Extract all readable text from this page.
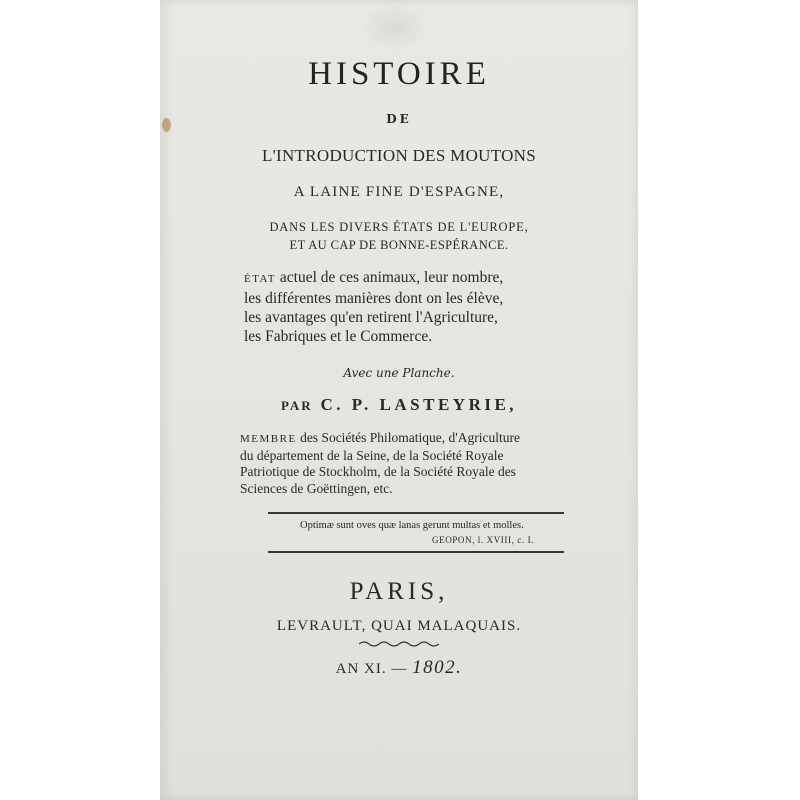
HISTOIRE
DE
L'INTRODUCTION DES MOUTONS
A LAINE FINE D'ESPAGNE,
DANS LES DIVERS ÉTATS DE L'EUROPE,
ET AU CAP DE BONNE-ESPÉRANCE.
ÉTAT actuel de ces animaux, leur nombre,
les différentes manières dont on les élève,
les avantages qu'en retirent l'Agriculture,
les Fabriques et le Commerce.
Avec une Planche.
PAR C. P. LASTEYRIE,
MEMBRE des Sociétés Philomatique, d'Agriculture
du département de la Seine, de la Société Royale
Patriotique de Stockholm, de la Société Royale des
Sciences de Goëttingen, etc.
Optimæ sunt oves quæ lanas gerunt multas et molles.
GEOPON, l. XVIII, c. I.
PARIS,
LEVRAULT, QUAI MALAQUAIS.
AN XI. — 1802.
